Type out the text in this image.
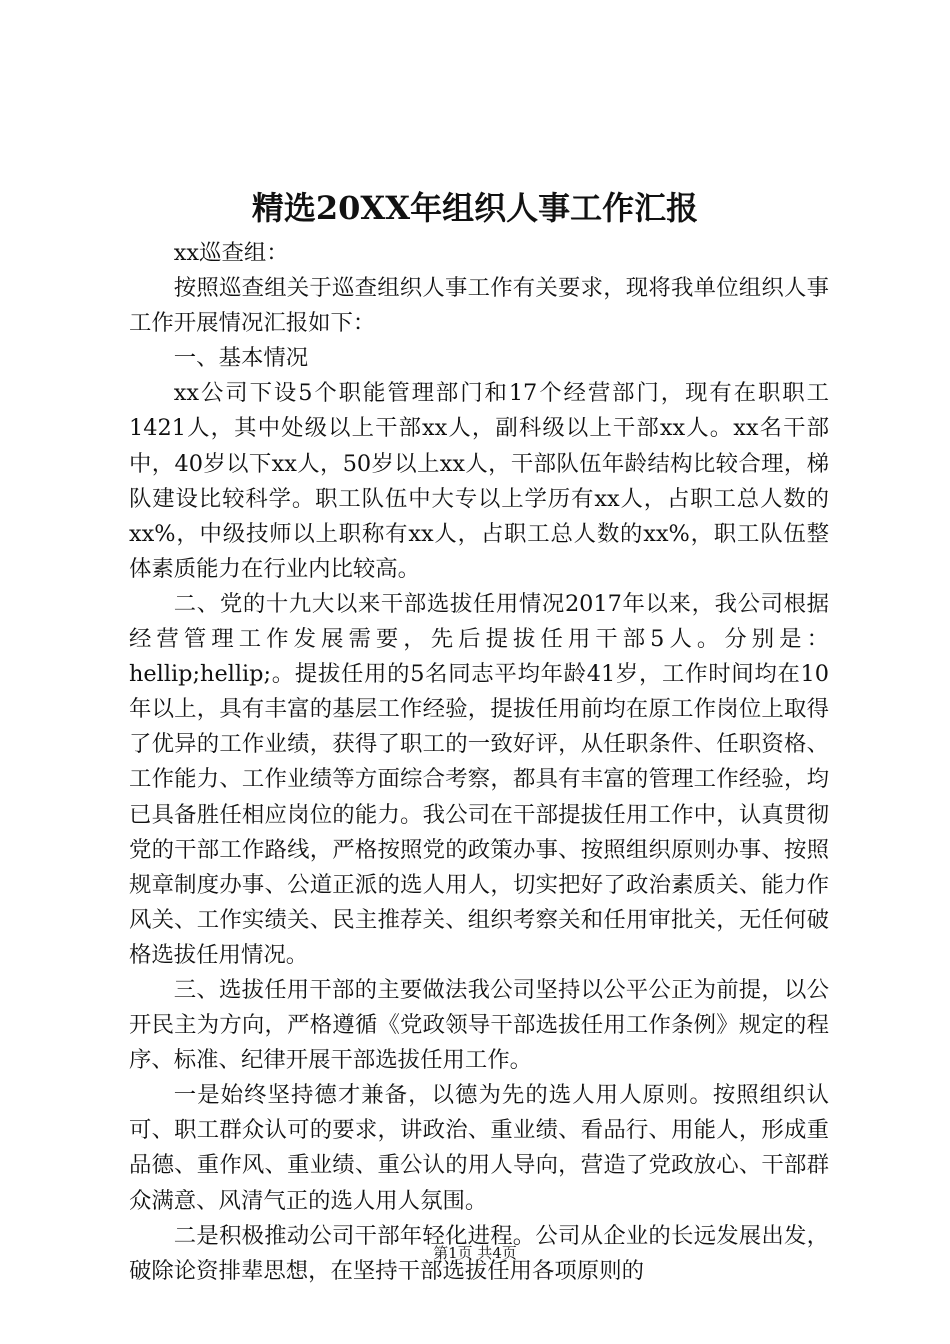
精选20XX年组织人事工作汇报

xx巡查组：

按照巡查组关于巡查组织人事工作有关要求，现将我单位组织人事工作开展情况汇报如下：

一、基本情况

xx公司下设5个职能管理部门和17个经营部门，现有在职职工1421人，其中处级以上干部xx人，副科级以上干部xx人。xx名干部中，40岁以下xx人，50岁以上xx人，干部队伍年龄结构比较合理，梯队建设比较科学。职工队伍中大专以上学历有xx人，占职工总人数的xx%，中级技师以上职称有xx人，占职工总人数的xx%，职工队伍整体素质能力在行业内比较高。

二、党的十九大以来干部选拔任用情况2017年以来，我公司根据经营管理工作发展需要，先后提拔任用干部5人。分别是：hellip;hellip;。提拔任用的5名同志平均年龄41岁，工作时间均在10年以上，具有丰富的基层工作经验，提拔任用前均在原工作岗位上取得了优异的工作业绩，获得了职工的一致好评，从任职条件、任职资格、工作能力、工作业绩等方面综合考察，都具有丰富的管理工作经验，均已具备胜任相应岗位的能力。我公司在干部提拔任用工作中，认真贯彻党的干部工作路线，严格按照党的政策办事、按照组织原则办事、按照规章制度办事、公道正派的选人用人，切实把好了政治素质关、能力作风关、工作实绩关、民主推荐关、组织考察关和任用审批关，无任何破格选拔任用情况。

三、选拔任用干部的主要做法我公司坚持以公平公正为前提，以公开民主为方向，严格遵循《党政领导干部选拔任用工作条例》规定的程序、标准、纪律开展干部选拔任用工作。

一是始终坚持德才兼备，以德为先的选人用人原则。按照组织认可、职工群众认可的要求，讲政治、重业绩、看品行、用能人，形成重品德、重作风、重业绩、重公认的用人导向，营造了党政放心、干部群众满意、风清气正的选人用人氛围。

二是积极推动公司干部年轻化进程。公司从企业的长远发展出发，破除论资排辈思想，在坚持干部选拔任用各项原则的

第1页 共4页
